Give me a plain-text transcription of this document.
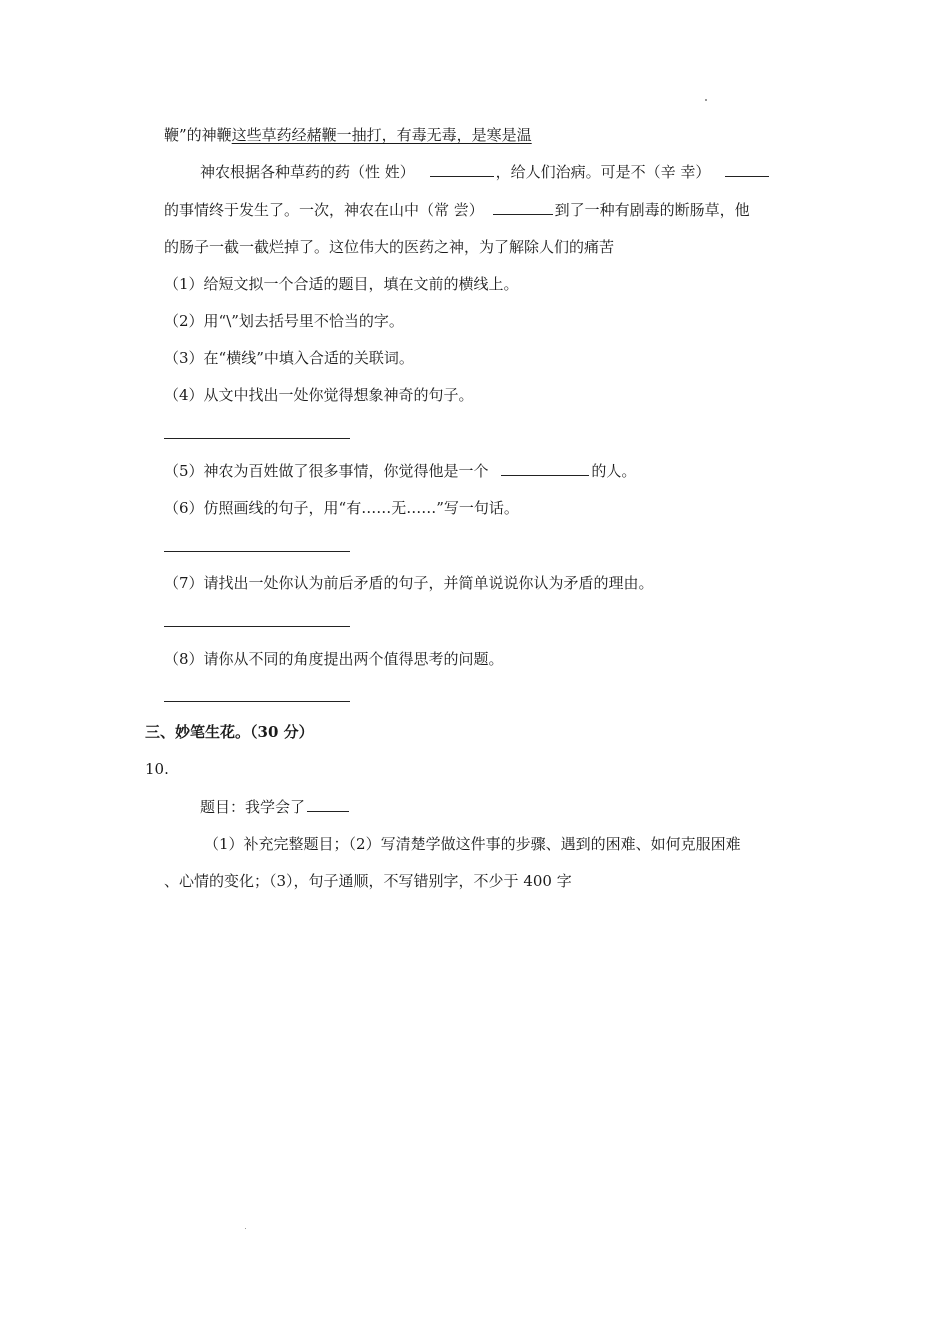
鞭”的神鞭这些草药经赭鞭一抽打，有毒无毒，是寒是温
神农根据各种草药的药（性 姓）	，给人们治病。可是不（辛 幸）
的事情终于发生了。一次，神农在山中（常 尝）	到了一种有剧毒的断肠草，他
的肠子一截一截烂掉了。这位伟大的医药之神，为了解除人们的痛苦
（1）给短文拟一个合适的题目，填在文前的横线上。
（2）用“\”划去括号里不恰当的字。
（3）在“横线”中填入合适的关联词。
（4）从文中找出一处你觉得想象神奇的句子。
（5）神农为百姓做了很多事情，你觉得他是一个	的人。
（6）仿照画线的句子，用“有……无……”写一句话。
（7）请找出一处你认为前后矛盾的句子，并简单说说你认为矛盾的理由。
（8）请你从不同的角度提出两个值得思考的问题。
三、妙笔生花。（30 分）
10.
题目：我学会了
（1）补充完整题目；（2）写清楚学做这件事的步骤、遇到的困难、如何克服困难
、心情的变化；（3），句子通顺，不写错别字，不少于 400 字
